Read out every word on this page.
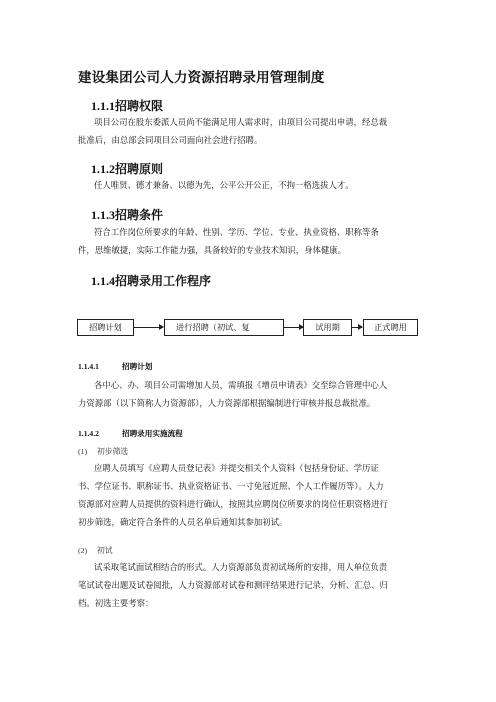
建设集团公司人力资源招聘录用管理制度
1.1.1招聘权限
项目公司在股东委派人员尚不能满足用人需求时，由项目公司提出申请，经总裁
批准后，由总部会同项目公司面向社会进行招聘。
1.1.2招聘原则
任人唯贤、德才兼备、以德为先，公平公开公正，不拘一格选拔人才。
1.1.3招聘条件
符合工作岗位所要求的年龄、性别、学历、学位、专业、执业资格、职称等条
件，思维敏捷，实际工作能力强，具备较好的专业技术知识，身体健康。
1.1.4招聘录用工作程序
招聘计划	进行招聘（初试、复	试用期	正式聘用
1.1.4.1	招聘计划
各中心、办、项目公司需增加人员，需填报《增员申请表》交至综合管理中心人
力资源部（以下简称人力资源部），人力资源部根据编制进行审核并报总裁批准。
1.1.4.2	招聘录用实施流程
(1) 初步筛选
应聘人员填写《应聘人员登记表》并提交相关个人资料（包括身份证、学历证
书、学位证书、职称证书、执业资格证书、一寸免冠近照、个人工作履历等）。人力
资源部对应聘人员提供的资料进行确认，按照其应聘岗位所要求的岗位任职资格进行
初步筛选，确定符合条件的人员名单后通知其参加初试。
(2) 初试
试采取笔试面试相结合的形式。人力资源部负责初试场所的安排，用人单位负责
笔试试卷出题及试卷阅批，人力资源部对试卷和测评结果进行记录、分析、汇总、归
档。初选主要考察：
